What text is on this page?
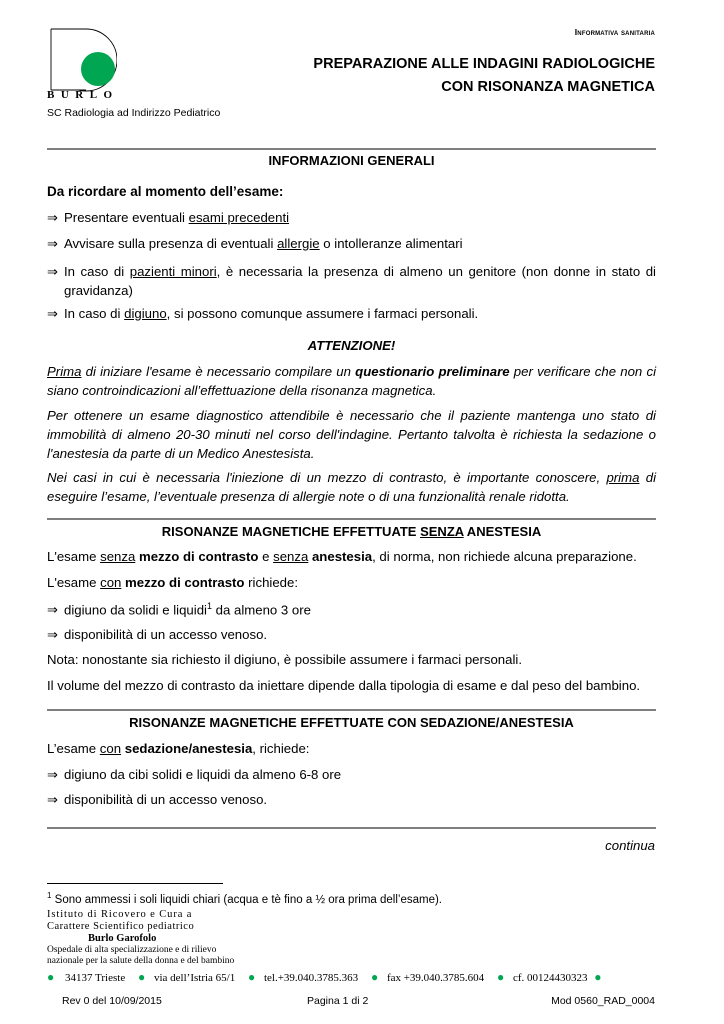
Informativa sanitaria
BURLO
SC Radiologia ad Indirizzo Pediatrico
PREPARAZIONE ALLE INDAGINI RADIOLOGICHE
CON RISONANZA MAGNETICA
INFORMAZIONI GENERALI
Da ricordare al momento dell’esame:
⇒ Presentare eventuali esami precedenti
⇒ Avvisare sulla presenza di eventuali allergie o intolleranze alimentari
⇒ In caso di pazienti minori, è necessaria la presenza di almeno un genitore (non donne in stato di gravidanza)
⇒ In caso di digiuno, si possono comunque assumere i farmaci personali.
ATTENZIONE!
Prima di iniziare l'esame è necessario compilare un questionario preliminare per verificare che non ci siano controindicazioni all’effettuazione della risonanza magnetica.
Per ottenere un esame diagnostico attendibile è necessario che il paziente mantenga uno stato di immobilità di almeno 20-30 minuti nel corso dell'indagine. Pertanto talvolta è richiesta la sedazione o l'anestesia da parte di un Medico Anestesista.
Nei casi in cui è necessaria l'iniezione di un mezzo di contrasto, è importante conoscere, prima di eseguire l’esame, l’eventuale presenza di allergie note o di una funzionalità renale ridotta.
RISONANZE MAGNETICHE EFFETTUATE SENZA ANESTESIA
L'esame senza mezzo di contrasto e senza anestesia, di norma, non richiede alcuna preparazione.
L'esame con mezzo di contrasto richiede:
⇒ digiuno da solidi e liquidi$^1$ da almeno 3 ore
⇒ disponibilità di un accesso venoso.
Nota: nonostante sia richiesto il digiuno, è possibile assumere i farmaci personali.
Il volume del mezzo di contrasto da iniettare dipende dalla tipologia di esame e dal peso del bambino.
RISONANZE MAGNETICHE EFFETTUATE CON SEDAZIONE/ANESTESIA
L’esame con sedazione/anestesia, richiede:
⇒ digiuno da cibi solidi e liquidi da almeno 6-8 ore
⇒ disponibilità di un accesso venoso.
continua
$^1$ Sono ammessi i soli liquidi chiari (acqua e tè fino a ½ ora prima dell’esame).
Istituto di Ricovero e Cura a
Carattere Scientifico pediatrico
Burlo Garofolo
Ospedale di alta specializzazione e di rilievo
nazionale per la salute della donna e del bambino
● 34137 Trieste ● via dell’Istria 65/1 ● tel.+39.040.3785.363 ● fax +39.040.3785.604 ● cf. 00124430323 ●
Rev 0 del 10/09/2015	Pagina 1 di 2	Mod 0560_RAD_0004
